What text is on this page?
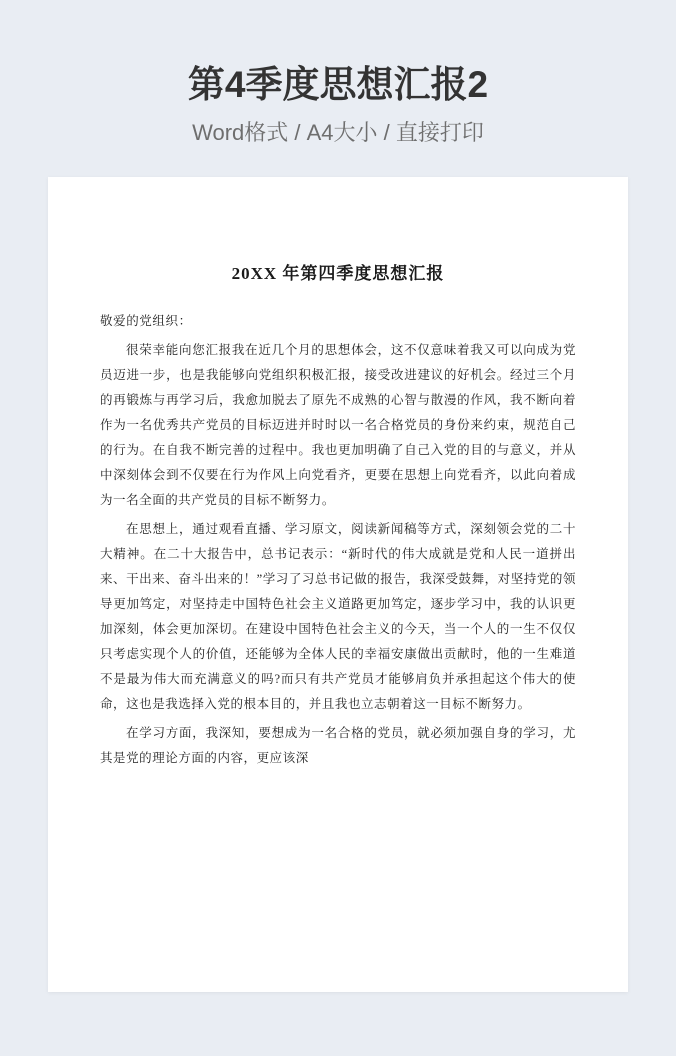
第4季度思想汇报2
Word格式 / A4大小 / 直接打印
20XX 年第四季度思想汇报
敬爱的党组织：

很荣幸能向您汇报我在近几个月的思想体会，这不仅意味着我又可以向成为党员迈进一步，也是我能够向党组织积极汇报，接受改进建议的好机会。经过三个月的再锻炼与再学习后，我愈加脱去了原先不成熟的心智与散漫的作风，我不断向着作为一名优秀共产党员的目标迈进并时时以一名合格党员的身份来约束，规范自己的行为。在自我不断完善的过程中。我也更加明确了自己入党的目的与意义，并从中深刻体会到不仅要在行为作风上向党看齐，更要在思想上向党看齐，以此向着成为一名全面的共产党员的目标不断努力。

在思想上，通过观看直播、学习原文，阅读新闻稿等方式，深刻领会党的二十大精神。在二十大报告中，总书记表示：“新时代的伟大成就是党和人民一道拼出来、干出来、奋斗出来的！”学习了习总书记做的报告，我深受鼓舞，对坚持党的领导更加笃定，对坚持走中国特色社会主义道路更加笃定，逐步学习中，我的认识更加深刻，体会更加深切。在建设中国特色社会主义的今天，当一个人的一生不仅仅只考虑实现个人的价值，还能够为全体人民的幸福安康做出贡献时，他的一生难道不是最为伟大而充满意义的吗?而只有共产党员才能够肩负并承担起这个伟大的使命，这也是我选择入党的根本目的，并且我也立志朝着这一目标不断努力。

在学习方面，我深知，要想成为一名合格的党员，就必须加强自身的学习，尤其是党的理论方面的内容，更应该深
